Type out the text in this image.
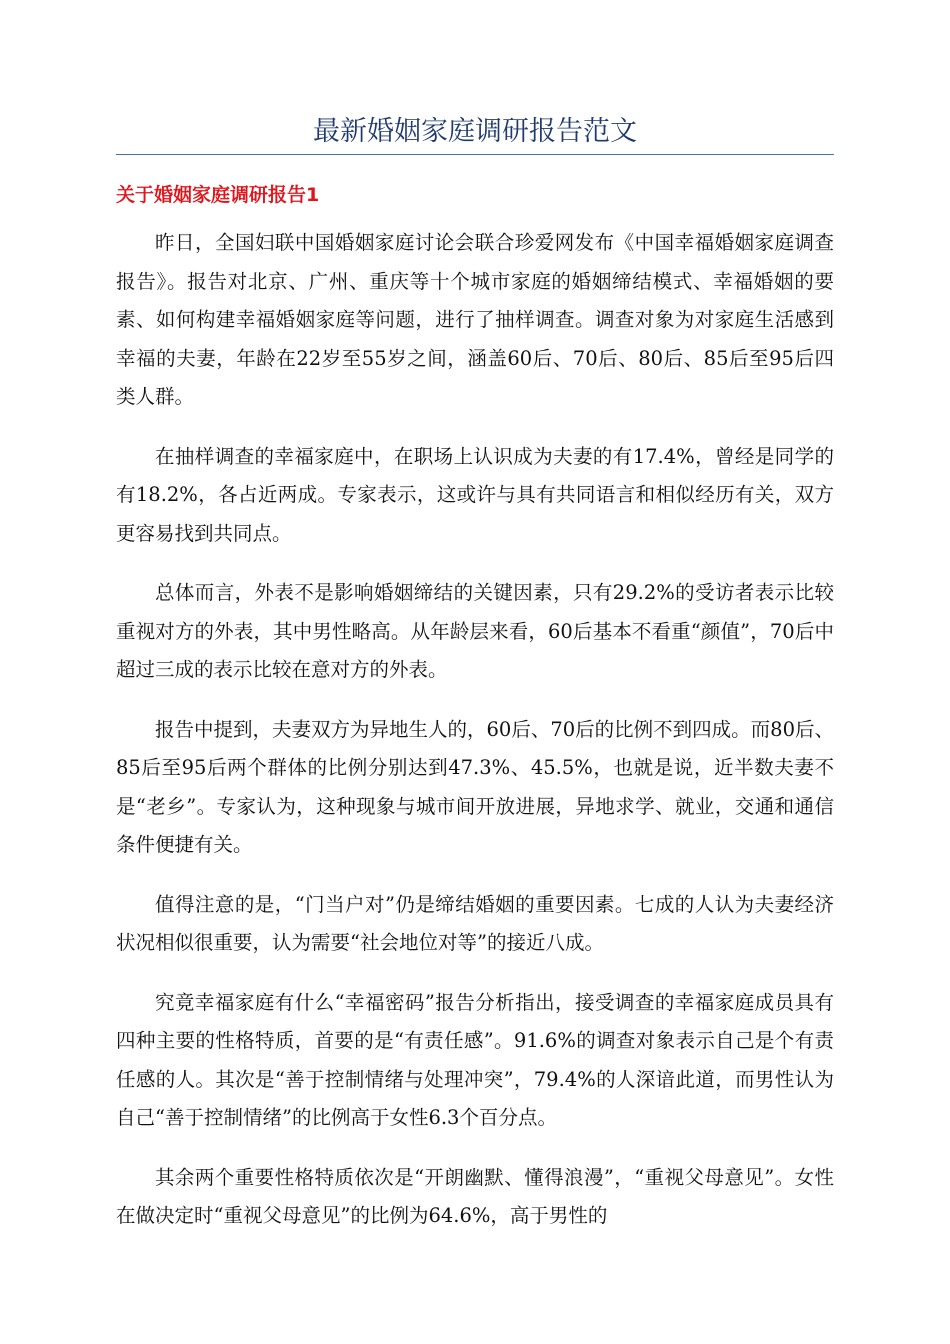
最新婚姻家庭调研报告范文
关于婚姻家庭调研报告1

昨日，全国妇联中国婚姻家庭讨论会联合珍爱网发布《中国幸福婚姻家庭调查报告》。报告对北京、广州、重庆等十个城市家庭的婚姻缔结模式、幸福婚姻的要素、如何构建幸福婚姻家庭等问题，进行了抽样调查。调查对象为对家庭生活感到幸福的夫妻，年龄在22岁至55岁之间，涵盖60后、70后、80后、85后至95后四类人群。

在抽样调查的幸福家庭中，在职场上认识成为夫妻的有17.4%，曾经是同学的有18.2%，各占近两成。专家表示，这或许与具有共同语言和相似经历有关，双方更容易找到共同点。

总体而言，外表不是影响婚姻缔结的关键因素，只有29.2%的受访者表示比较重视对方的外表，其中男性略高。从年龄层来看，60后基本不看重“颜值”，70后中超过三成的表示比较在意对方的外表。

报告中提到，夫妻双方为异地生人的，60后、70后的比例不到四成。而80后、85后至95后两个群体的比例分别达到47.3%、45.5%，也就是说，近半数夫妻不是“老乡”。专家认为，这种现象与城市间开放进展，异地求学、就业，交通和通信条件便捷有关。

值得注意的是，“门当户对”仍是缔结婚姻的重要因素。七成的人认为夫妻经济状况相似很重要，认为需要“社会地位对等”的接近八成。

究竟幸福家庭有什么“幸福密码”报告分析指出，接受调查的幸福家庭成员具有四种主要的性格特质，首要的是“有责任感”。91.6%的调查对象表示自己是个有责任感的人。其次是“善于控制情绪与处理冲突”，79.4%的人深谙此道，而男性认为自己“善于控制情绪”的比例高于女性6.3个百分点。

其余两个重要性格特质依次是“开朗幽默、懂得浪漫”，“重视父母意见”。女性在做决定时“重视父母意见”的比例为64.6%，高于男性的
